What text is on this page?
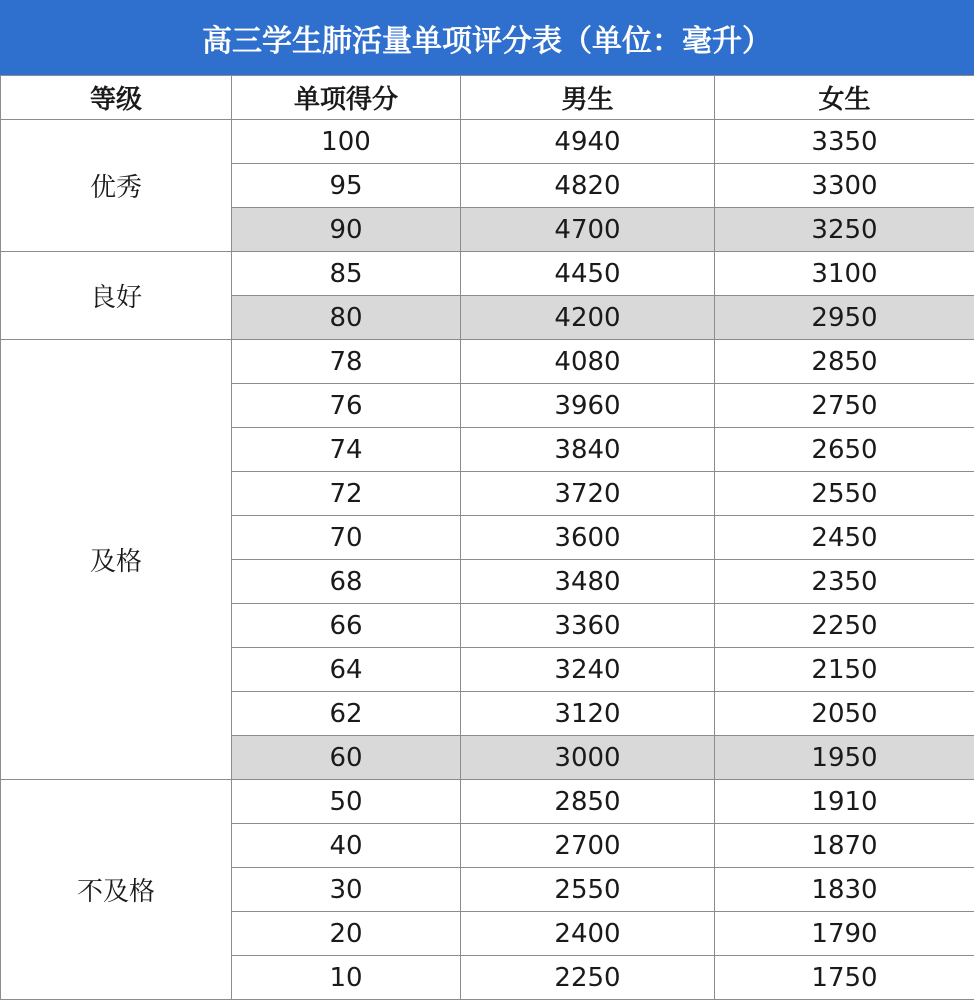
高三学生肺活量单项评分表（单位：毫升）
等级	单项得分	男生	女生
优秀	100	4940	3350
	95	4820	3300
	90	4700	3250
良好	85	4450	3100
	80	4200	2950
及格	78	4080	2850
	76	3960	2750
	74	3840	2650
	72	3720	2550
	70	3600	2450
	68	3480	2350
	66	3360	2250
	64	3240	2150
	62	3120	2050
	60	3000	1950
不及格	50	2850	1910
	40	2700	1870
	30	2550	1830
	20	2400	1790
	10	2250	1750
